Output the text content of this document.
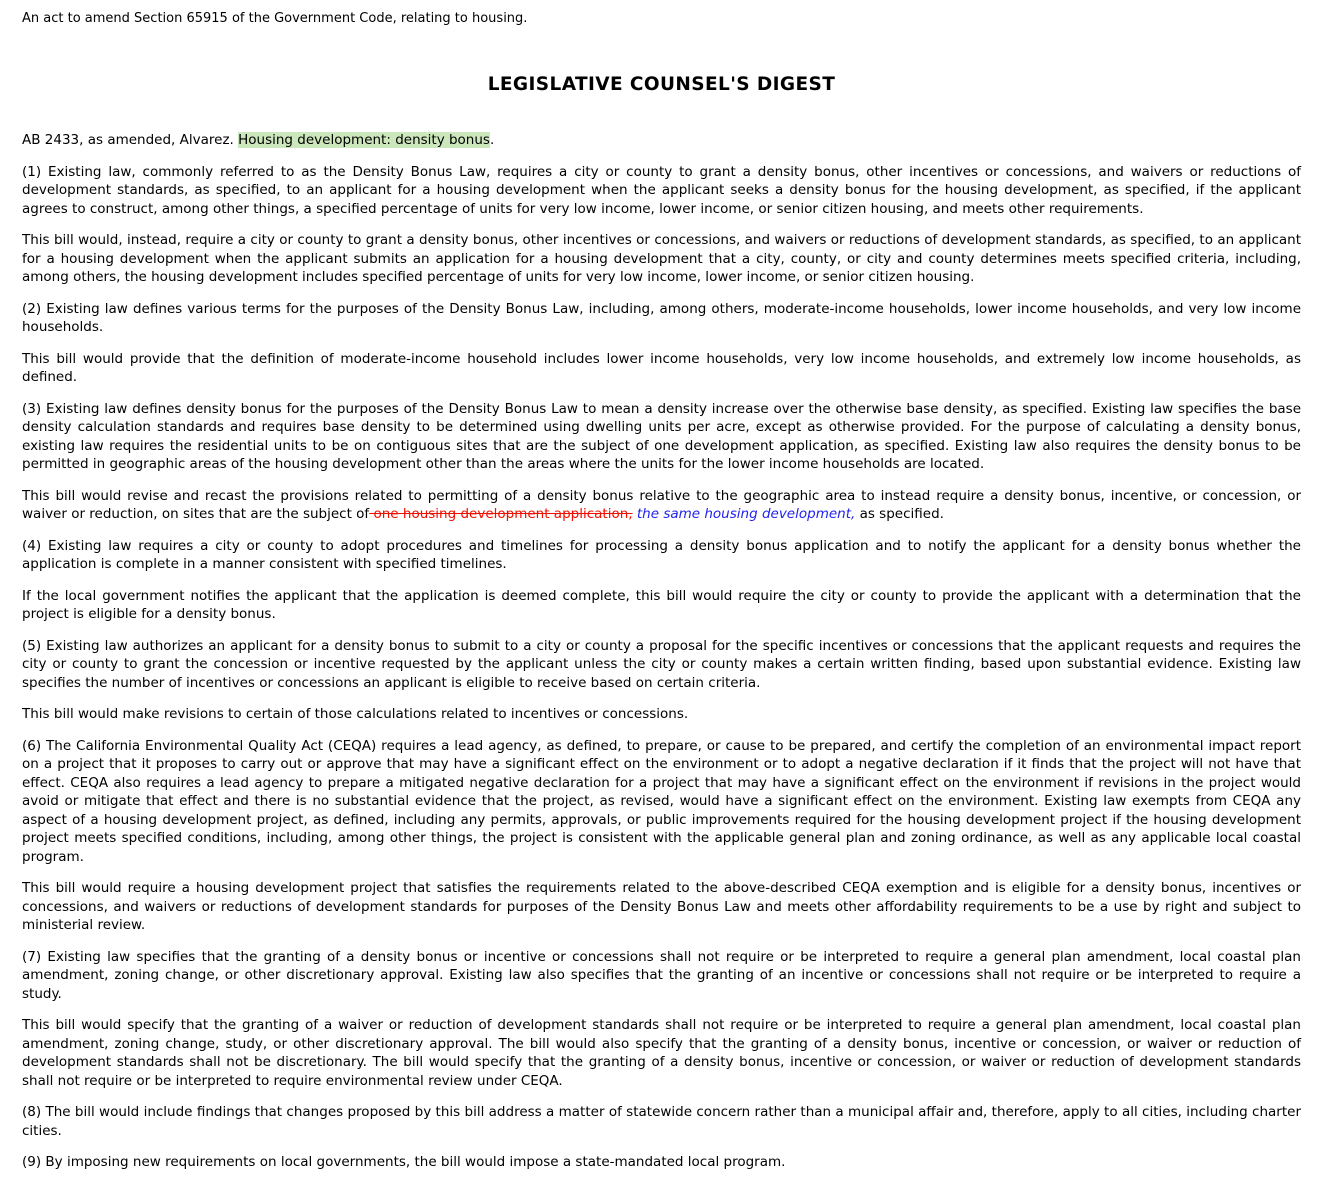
An act to amend Section 65915 of the Government Code, relating to housing.

LEGISLATIVE COUNSEL'S DIGEST

AB 2433, as amended, Alvarez. Housing development: density bonus.

(1) Existing law, commonly referred to as the Density Bonus Law, requires a city or county to grant a density bonus, other incentives or concessions, and waivers or reductions of development standards, as specified, to an applicant for a housing development when the applicant seeks a density bonus for the housing development, as specified, if the applicant agrees to construct, among other things, a specified percentage of units for very low income, lower income, or senior citizen housing, and meets other requirements.

This bill would, instead, require a city or county to grant a density bonus, other incentives or concessions, and waivers or reductions of development standards, as specified, to an applicant for a housing development when the applicant submits an application for a housing development that a city, county, or city and county determines meets specified criteria, including, among others, the housing development includes specified percentage of units for very low income, lower income, or senior citizen housing.

(2) Existing law defines various terms for the purposes of the Density Bonus Law, including, among others, moderate-income households, lower income households, and very low income households.

This bill would provide that the definition of moderate-income household includes lower income households, very low income households, and extremely low income households, as defined.

(3) Existing law defines density bonus for the purposes of the Density Bonus Law to mean a density increase over the otherwise base density, as specified. Existing law specifies the base density calculation standards and requires base density to be determined using dwelling units per acre, except as otherwise provided. For the purpose of calculating a density bonus, existing law requires the residential units to be on contiguous sites that are the subject of one development application, as specified. Existing law also requires the density bonus to be permitted in geographic areas of the housing development other than the areas where the units for the lower income households are located.

This bill would revise and recast the provisions related to permitting of a density bonus relative to the geographic area to instead require a density bonus, incentive, or concession, or waiver or reduction, on sites that are the subject of one housing development application, the same housing development, as specified.

(4) Existing law requires a city or county to adopt procedures and timelines for processing a density bonus application and to notify the applicant for a density bonus whether the application is complete in a manner consistent with specified timelines.

If the local government notifies the applicant that the application is deemed complete, this bill would require the city or county to provide the applicant with a determination that the project is eligible for a density bonus.

(5) Existing law authorizes an applicant for a density bonus to submit to a city or county a proposal for the specific incentives or concessions that the applicant requests and requires the city or county to grant the concession or incentive requested by the applicant unless the city or county makes a certain written finding, based upon substantial evidence. Existing law specifies the number of incentives or concessions an applicant is eligible to receive based on certain criteria.

This bill would make revisions to certain of those calculations related to incentives or concessions.

(6) The California Environmental Quality Act (CEQA) requires a lead agency, as defined, to prepare, or cause to be prepared, and certify the completion of an environmental impact report on a project that it proposes to carry out or approve that may have a significant effect on the environment or to adopt a negative declaration if it finds that the project will not have that effect. CEQA also requires a lead agency to prepare a mitigated negative declaration for a project that may have a significant effect on the environment if revisions in the project would avoid or mitigate that effect and there is no substantial evidence that the project, as revised, would have a significant effect on the environment. Existing law exempts from CEQA any aspect of a housing development project, as defined, including any permits, approvals, or public improvements required for the housing development project if the housing development project meets specified conditions, including, among other things, the project is consistent with the applicable general plan and zoning ordinance, as well as any applicable local coastal program.

This bill would require a housing development project that satisfies the requirements related to the above-described CEQA exemption and is eligible for a density bonus, incentives or concessions, and waivers or reductions of development standards for purposes of the Density Bonus Law and meets other affordability requirements to be a use by right and subject to ministerial review.

(7) Existing law specifies that the granting of a density bonus or incentive or concessions shall not require or be interpreted to require a general plan amendment, local coastal plan amendment, zoning change, or other discretionary approval. Existing law also specifies that the granting of an incentive or concessions shall not require or be interpreted to require a study.

This bill would specify that the granting of a waiver or reduction of development standards shall not require or be interpreted to require a general plan amendment, local coastal plan amendment, zoning change, study, or other discretionary approval. The bill would also specify that the granting of a density bonus, incentive or concession, or waiver or reduction of development standards shall not be discretionary. The bill would specify that the granting of a density bonus, incentive or concession, or waiver or reduction of development standards shall not require or be interpreted to require environmental review under CEQA.

(8) The bill would include findings that changes proposed by this bill address a matter of statewide concern rather than a municipal affair and, therefore, apply to all cities, including charter cities.

(9) By imposing new requirements on local governments, the bill would impose a state-mandated local program.
